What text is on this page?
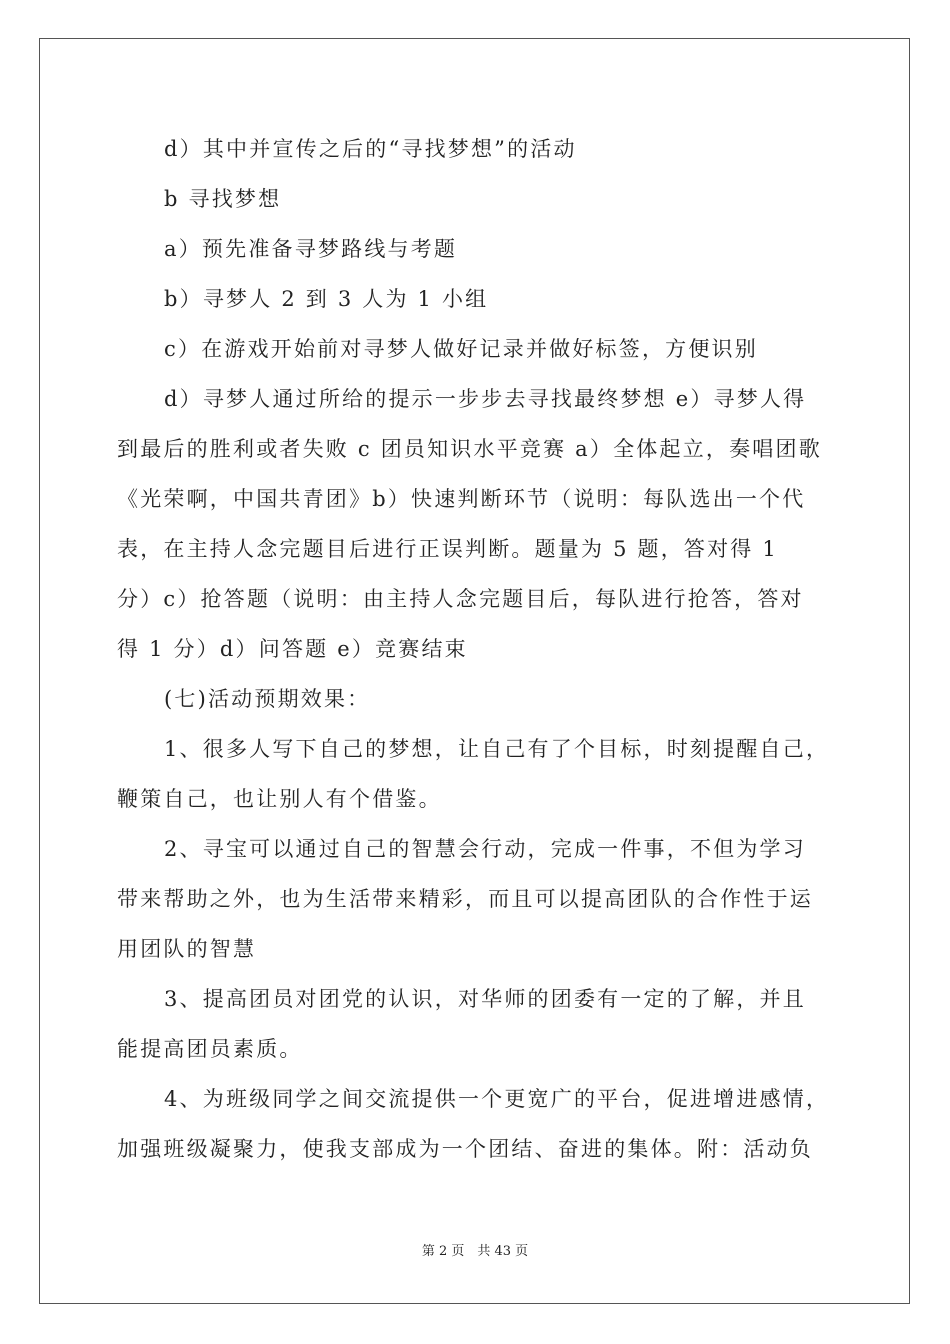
d）其中并宣传之后的“寻找梦想”的活动

b 寻找梦想

a）预先准备寻梦路线与考题

b）寻梦人 2 到 3 人为 1 小组

c）在游戏开始前对寻梦人做好记录并做好标签，方便识别

d）寻梦人通过所给的提示一步步去寻找最终梦想 e）寻梦人得

到最后的胜利或者失败 c 团员知识水平竞赛 a）全体起立，奏唱团歌

《光荣啊，中国共青团》b）快速判断环节（说明：每队选出一个代

表，在主持人念完题目后进行正误判断。题量为 5 题，答对得 1

分）c）抢答题（说明：由主持人念完题目后，每队进行抢答，答对

得 1 分）d）问答题 e）竞赛结束

(七)活动预期效果：

1、很多人写下自己的梦想，让自己有了个目标，时刻提醒自己，

鞭策自己，也让别人有个借鉴。

2、寻宝可以通过自己的智慧会行动，完成一件事，不但为学习

带来帮助之外，也为生活带来精彩，而且可以提高团队的合作性于运

用团队的智慧

3、提高团员对团党的认识，对华师的团委有一定的了解，并且

能提高团员素质。

4、为班级同学之间交流提供一个更宽广的平台，促进增进感情，

加强班级凝聚力，使我支部成为一个团结、奋进的集体。附：活动负

第 2 页　共 43 页
